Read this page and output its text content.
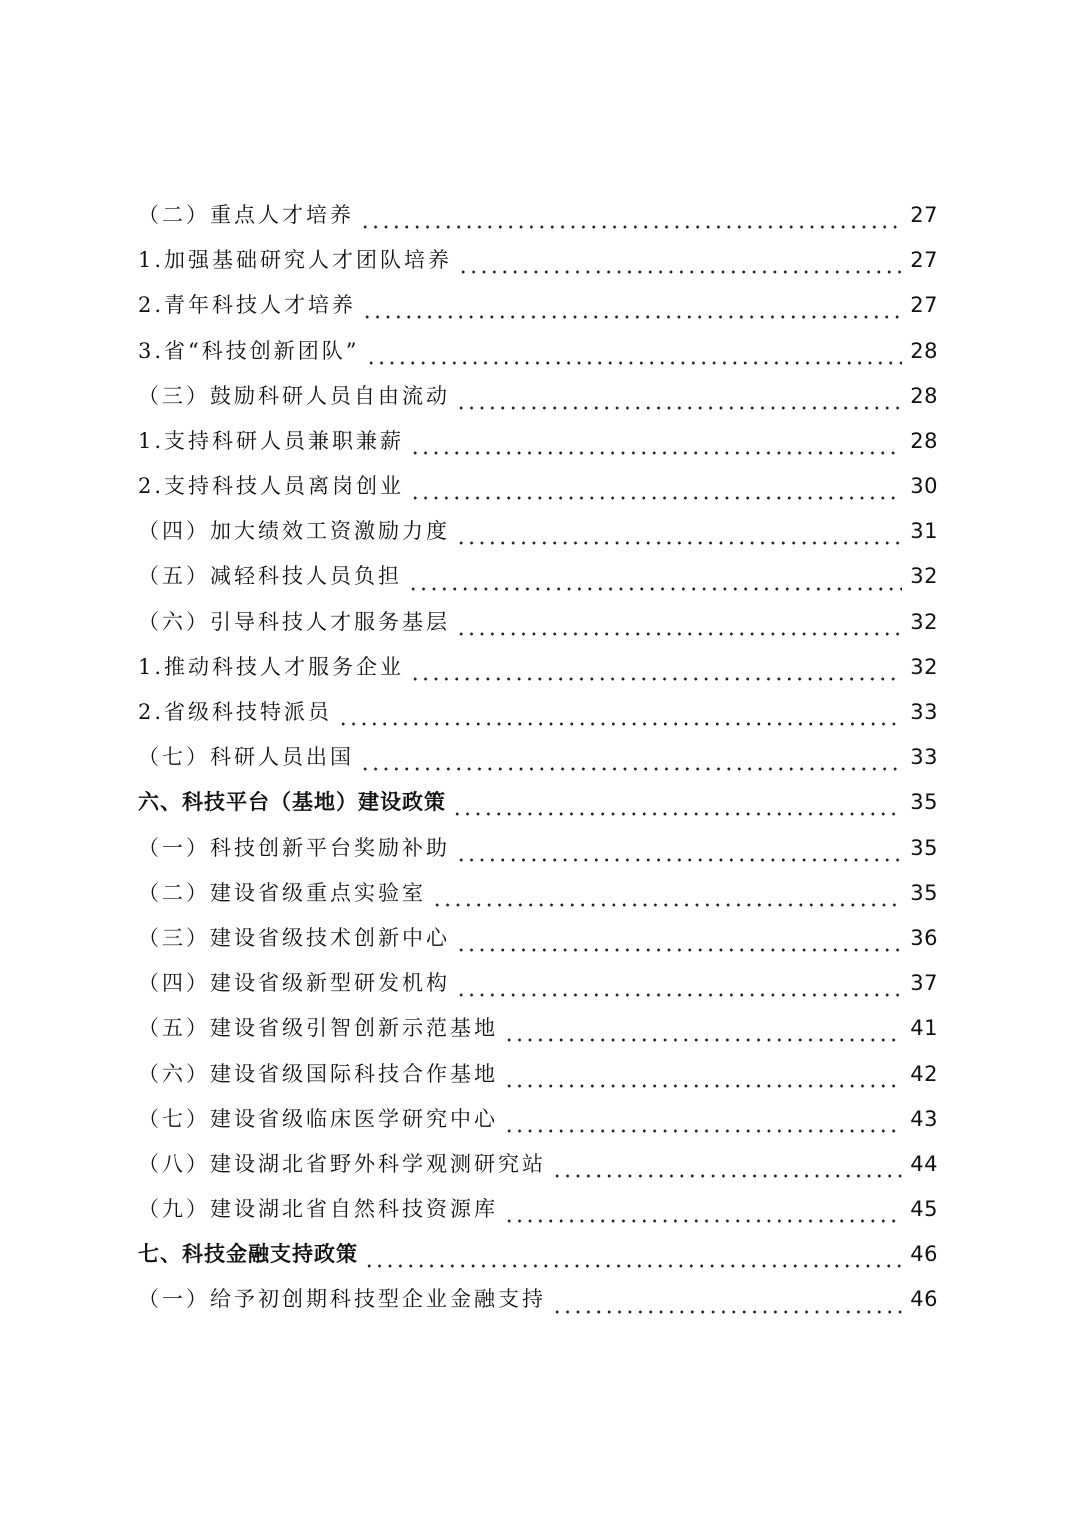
（二）重点人才培养	27
1.加强基础研究人才团队培养	27
2.青年科技人才培养	27
3.省“科技创新团队”	28
（三）鼓励科研人员自由流动	28
1.支持科研人员兼职兼薪	28
2.支持科技人员离岗创业	30
（四）加大绩效工资激励力度	31
（五）减轻科技人员负担	32
（六）引导科技人才服务基层	32
1.推动科技人才服务企业	32
2.省级科技特派员	33
（七）科研人员出国	33
六、科技平台（基地）建设政策	35
（一）科技创新平台奖励补助	35
（二）建设省级重点实验室	35
（三）建设省级技术创新中心	36
（四）建设省级新型研发机构	37
（五）建设省级引智创新示范基地	41
（六）建设省级国际科技合作基地	42
（七）建设省级临床医学研究中心	43
（八）建设湖北省野外科学观测研究站	44
（九）建设湖北省自然科技资源库	45
七、科技金融支持政策	46
（一）给予初创期科技型企业金融支持	46
